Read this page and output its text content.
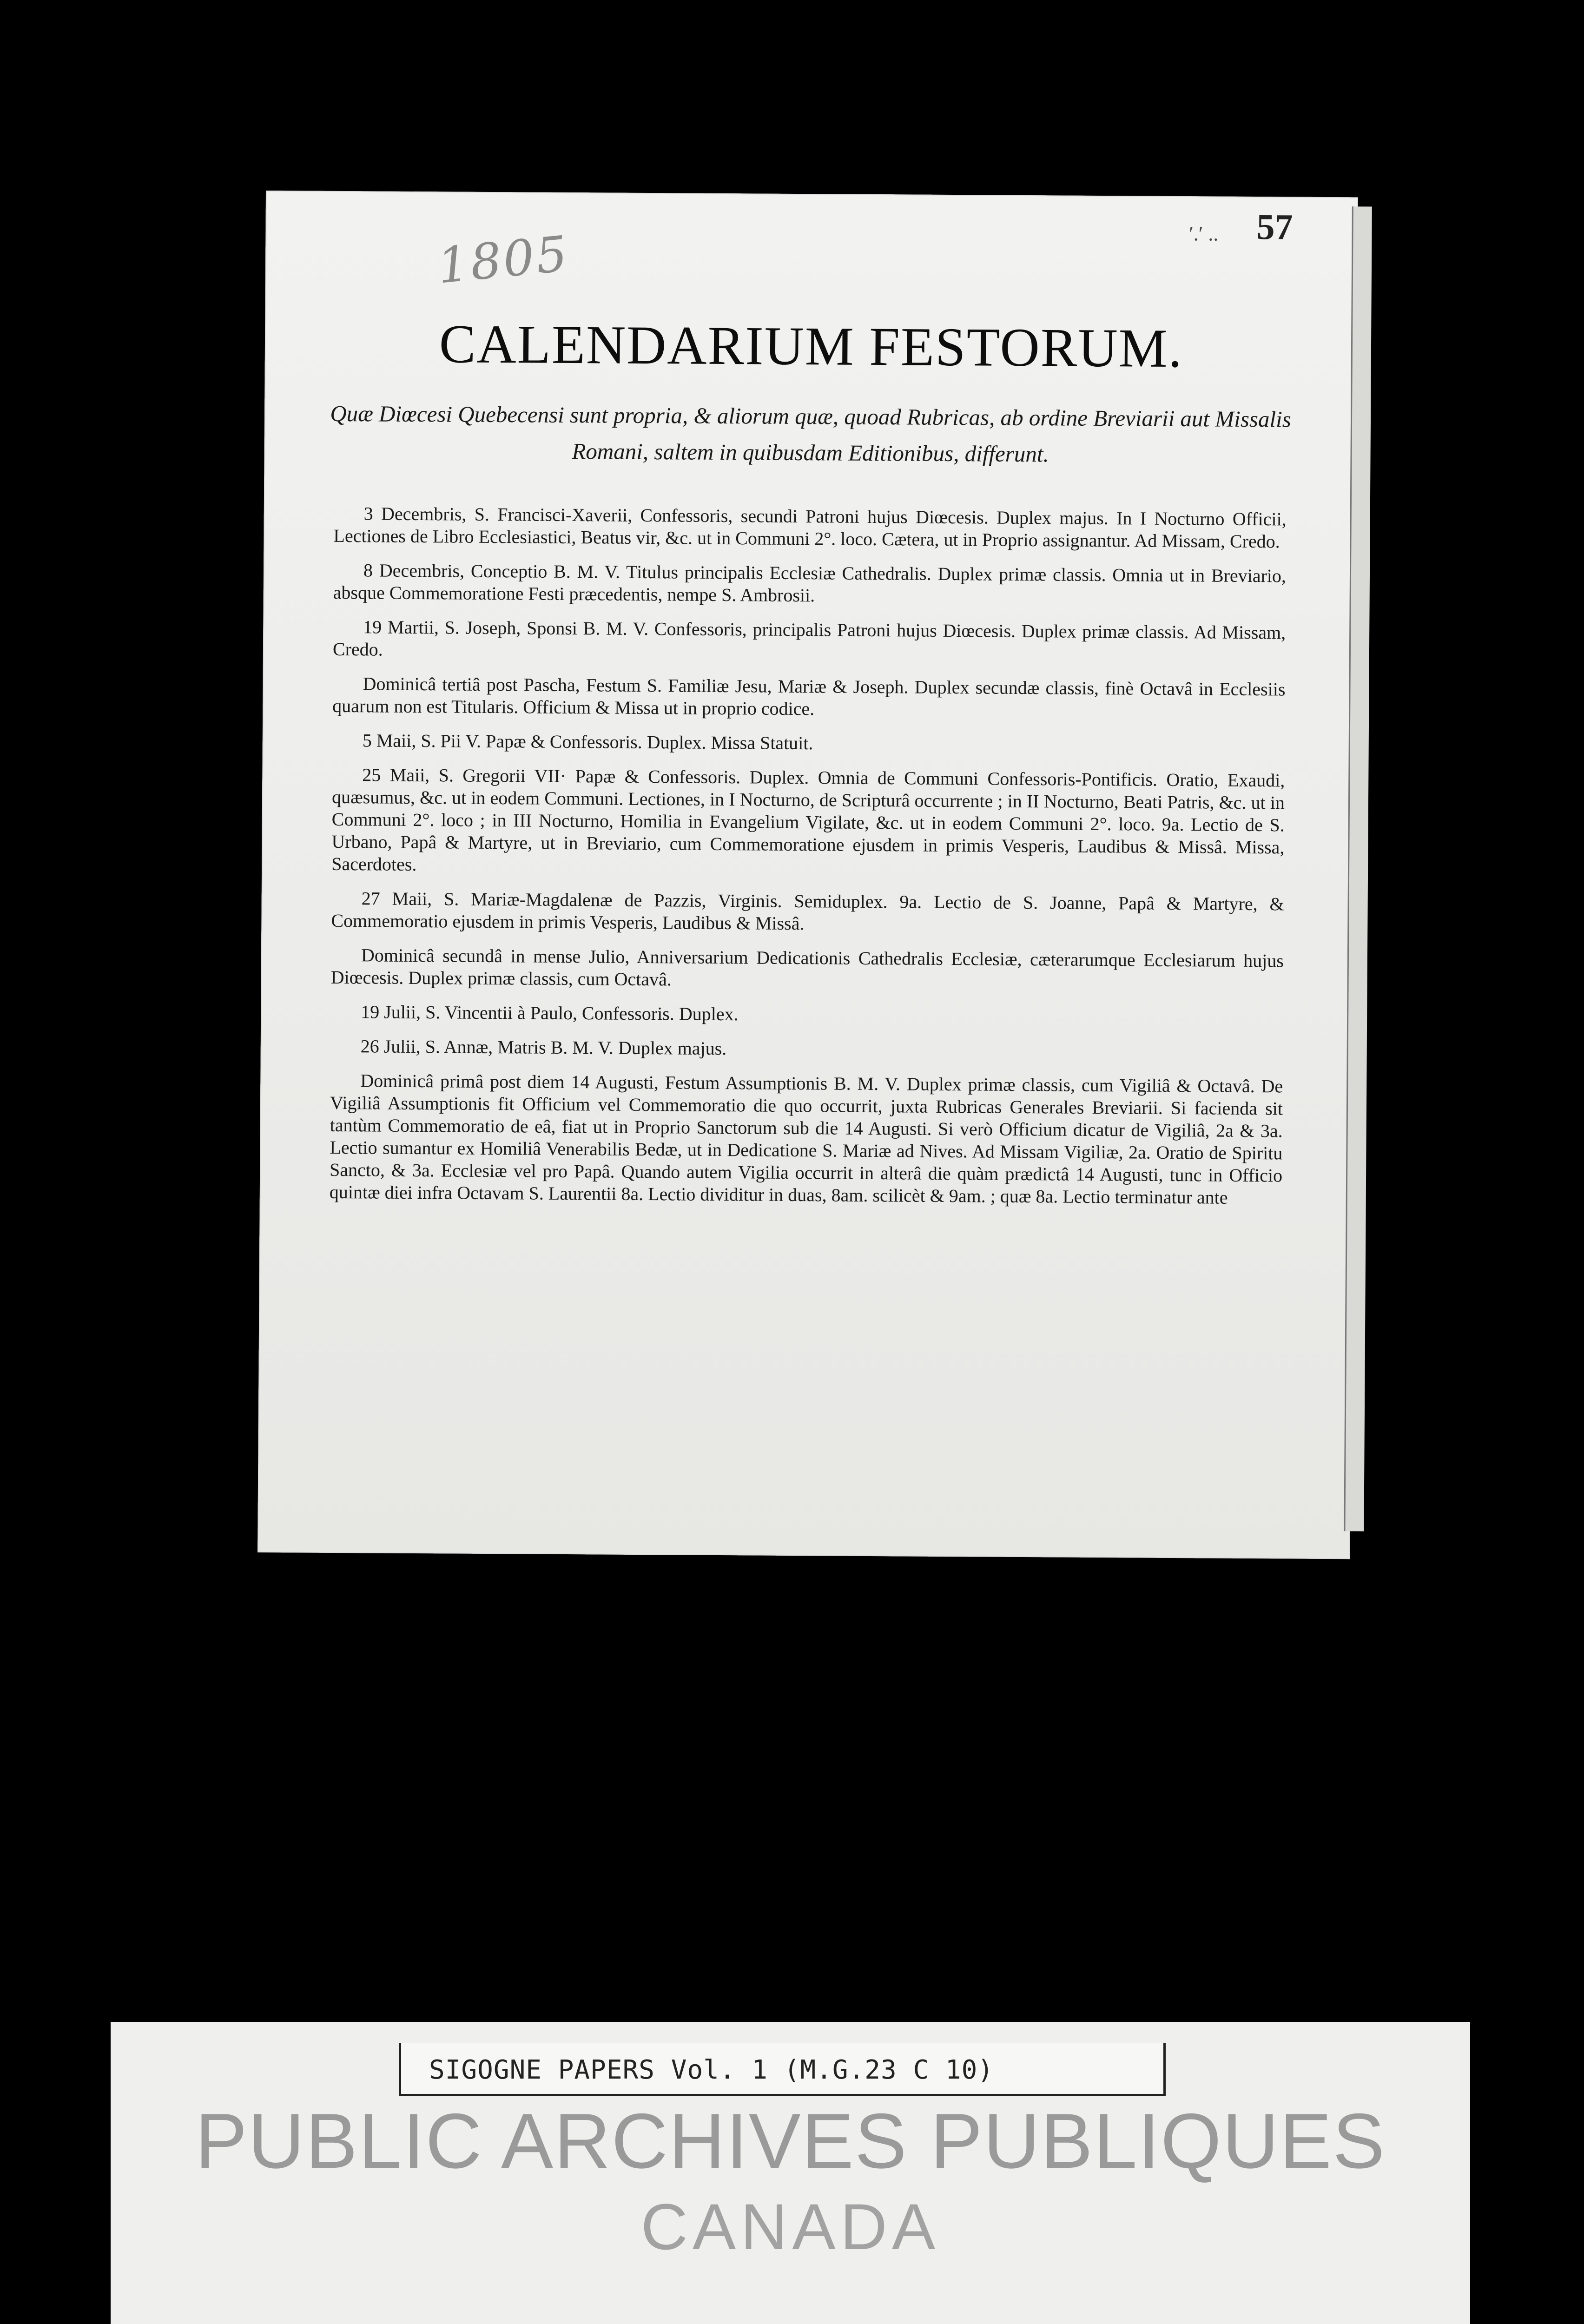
1805	ʹ.ʹ .. 57
CALENDARIUM FESTORUM.
Quæ Diœcesi Quebecensi sunt propria, & aliorum quæ, quoad Rubricas, ab ordine Breviarii aut Missalis Romani, saltem in quibusdam Editionibus, differunt.

3 Decembris, S. Francisci-Xaverii, Confessoris, secundi Patroni hujus Diœcesis. Duplex majus. In I Nocturno Officii, Lectiones de Libro Ecclesiastici, Beatus vir, &c. ut in Communi 2°. loco. Cætera, ut in Proprio assignantur. Ad Missam, Credo.

8 Decembris, Conceptio B. M. V. Titulus principalis Ecclesiæ Cathedralis. Duplex primæ classis. Omnia ut in Breviario, absque Commemoratione Festi præcedentis, nempe S. Ambrosii.

19 Martii, S. Joseph, Sponsi B. M. V. Confessoris, principalis Patroni hujus Diœcesis. Duplex primæ classis. Ad Missam, Credo.

Dominicâ tertiâ post Pascha, Festum S. Familiæ Jesu, Mariæ & Joseph. Duplex secundæ classis, finè Octavâ in Ecclesiis quarum non est Titularis. Officium & Missa ut in proprio codice.

5 Maii, S. Pii V. Papæ & Confessoris. Duplex. Missa Statuit.

25 Maii, S. Gregorii VII· Papæ & Confessoris. Duplex. Omnia de Communi Confessoris-Pontificis. Oratio, Exaudi, quæsumus, &c. ut in eodem Communi. Lectiones, in I Nocturno, de Scripturâ occurrente ; in II Nocturno, Beati Patris, &c. ut in Communi 2°. loco ; in III Nocturno, Homilia in Evangelium Vigilate, &c. ut in eodem Communi 2°. loco. 9a. Lectio de S. Urbano, Papâ & Martyre, ut in Breviario, cum Commemoratione ejusdem in primis Vesperis, Laudibus & Missâ. Missa, Sacerdotes.

27 Maii, S. Mariæ-Magdalenæ de Pazzis, Virginis. Semiduplex. 9a. Lectio de S. Joanne, Papâ & Martyre, & Commemoratio ejusdem in primis Vesperis, Laudibus & Missâ.

Dominicâ secundâ in mense Julio, Anniversarium Dedicationis Cathedralis Ecclesiæ, cæterarumque Ecclesiarum hujus Diœcesis. Duplex primæ classis, cum Octavâ.

19 Julii, S. Vincentii à Paulo, Confessoris. Duplex.

26 Julii, S. Annæ, Matris B. M. V. Duplex majus.

Dominicâ primâ post diem 14 Augusti, Festum Assumptionis B. M. V. Duplex primæ classis, cum Vigiliâ & Octavâ. De Vigiliâ Assumptionis fit Officium vel Commemoratio die quo occurrit, juxta Rubricas Generales Breviarii. Si facienda sit tantùm Commemoratio de eâ, fiat ut in Proprio Sanctorum sub die 14 Augusti. Si verò Officium dicatur de Vigiliâ, 2a & 3a. Lectio sumantur ex Homiliâ Venerabilis Bedæ, ut in Dedicatione S. Mariæ ad Nives. Ad Missam Vigiliæ, 2a. Oratio de Spiritu Sancto, & 3a. Ecclesiæ vel pro Papâ. Quando autem Vigilia occurrit in alterâ die quàm prædictâ 14 Augusti, tunc in Officio quintæ diei infra Octavam S. Laurentii 8a. Lectio dividitur in duas, 8am. scilicèt & 9am. ; quæ 8a. Lectio terminatur ante

SIGOGNE PAPERS Vol. 1 (M.G.23 C 10)
PUBLIC ARCHIVES PUBLIQUES
CANADA
